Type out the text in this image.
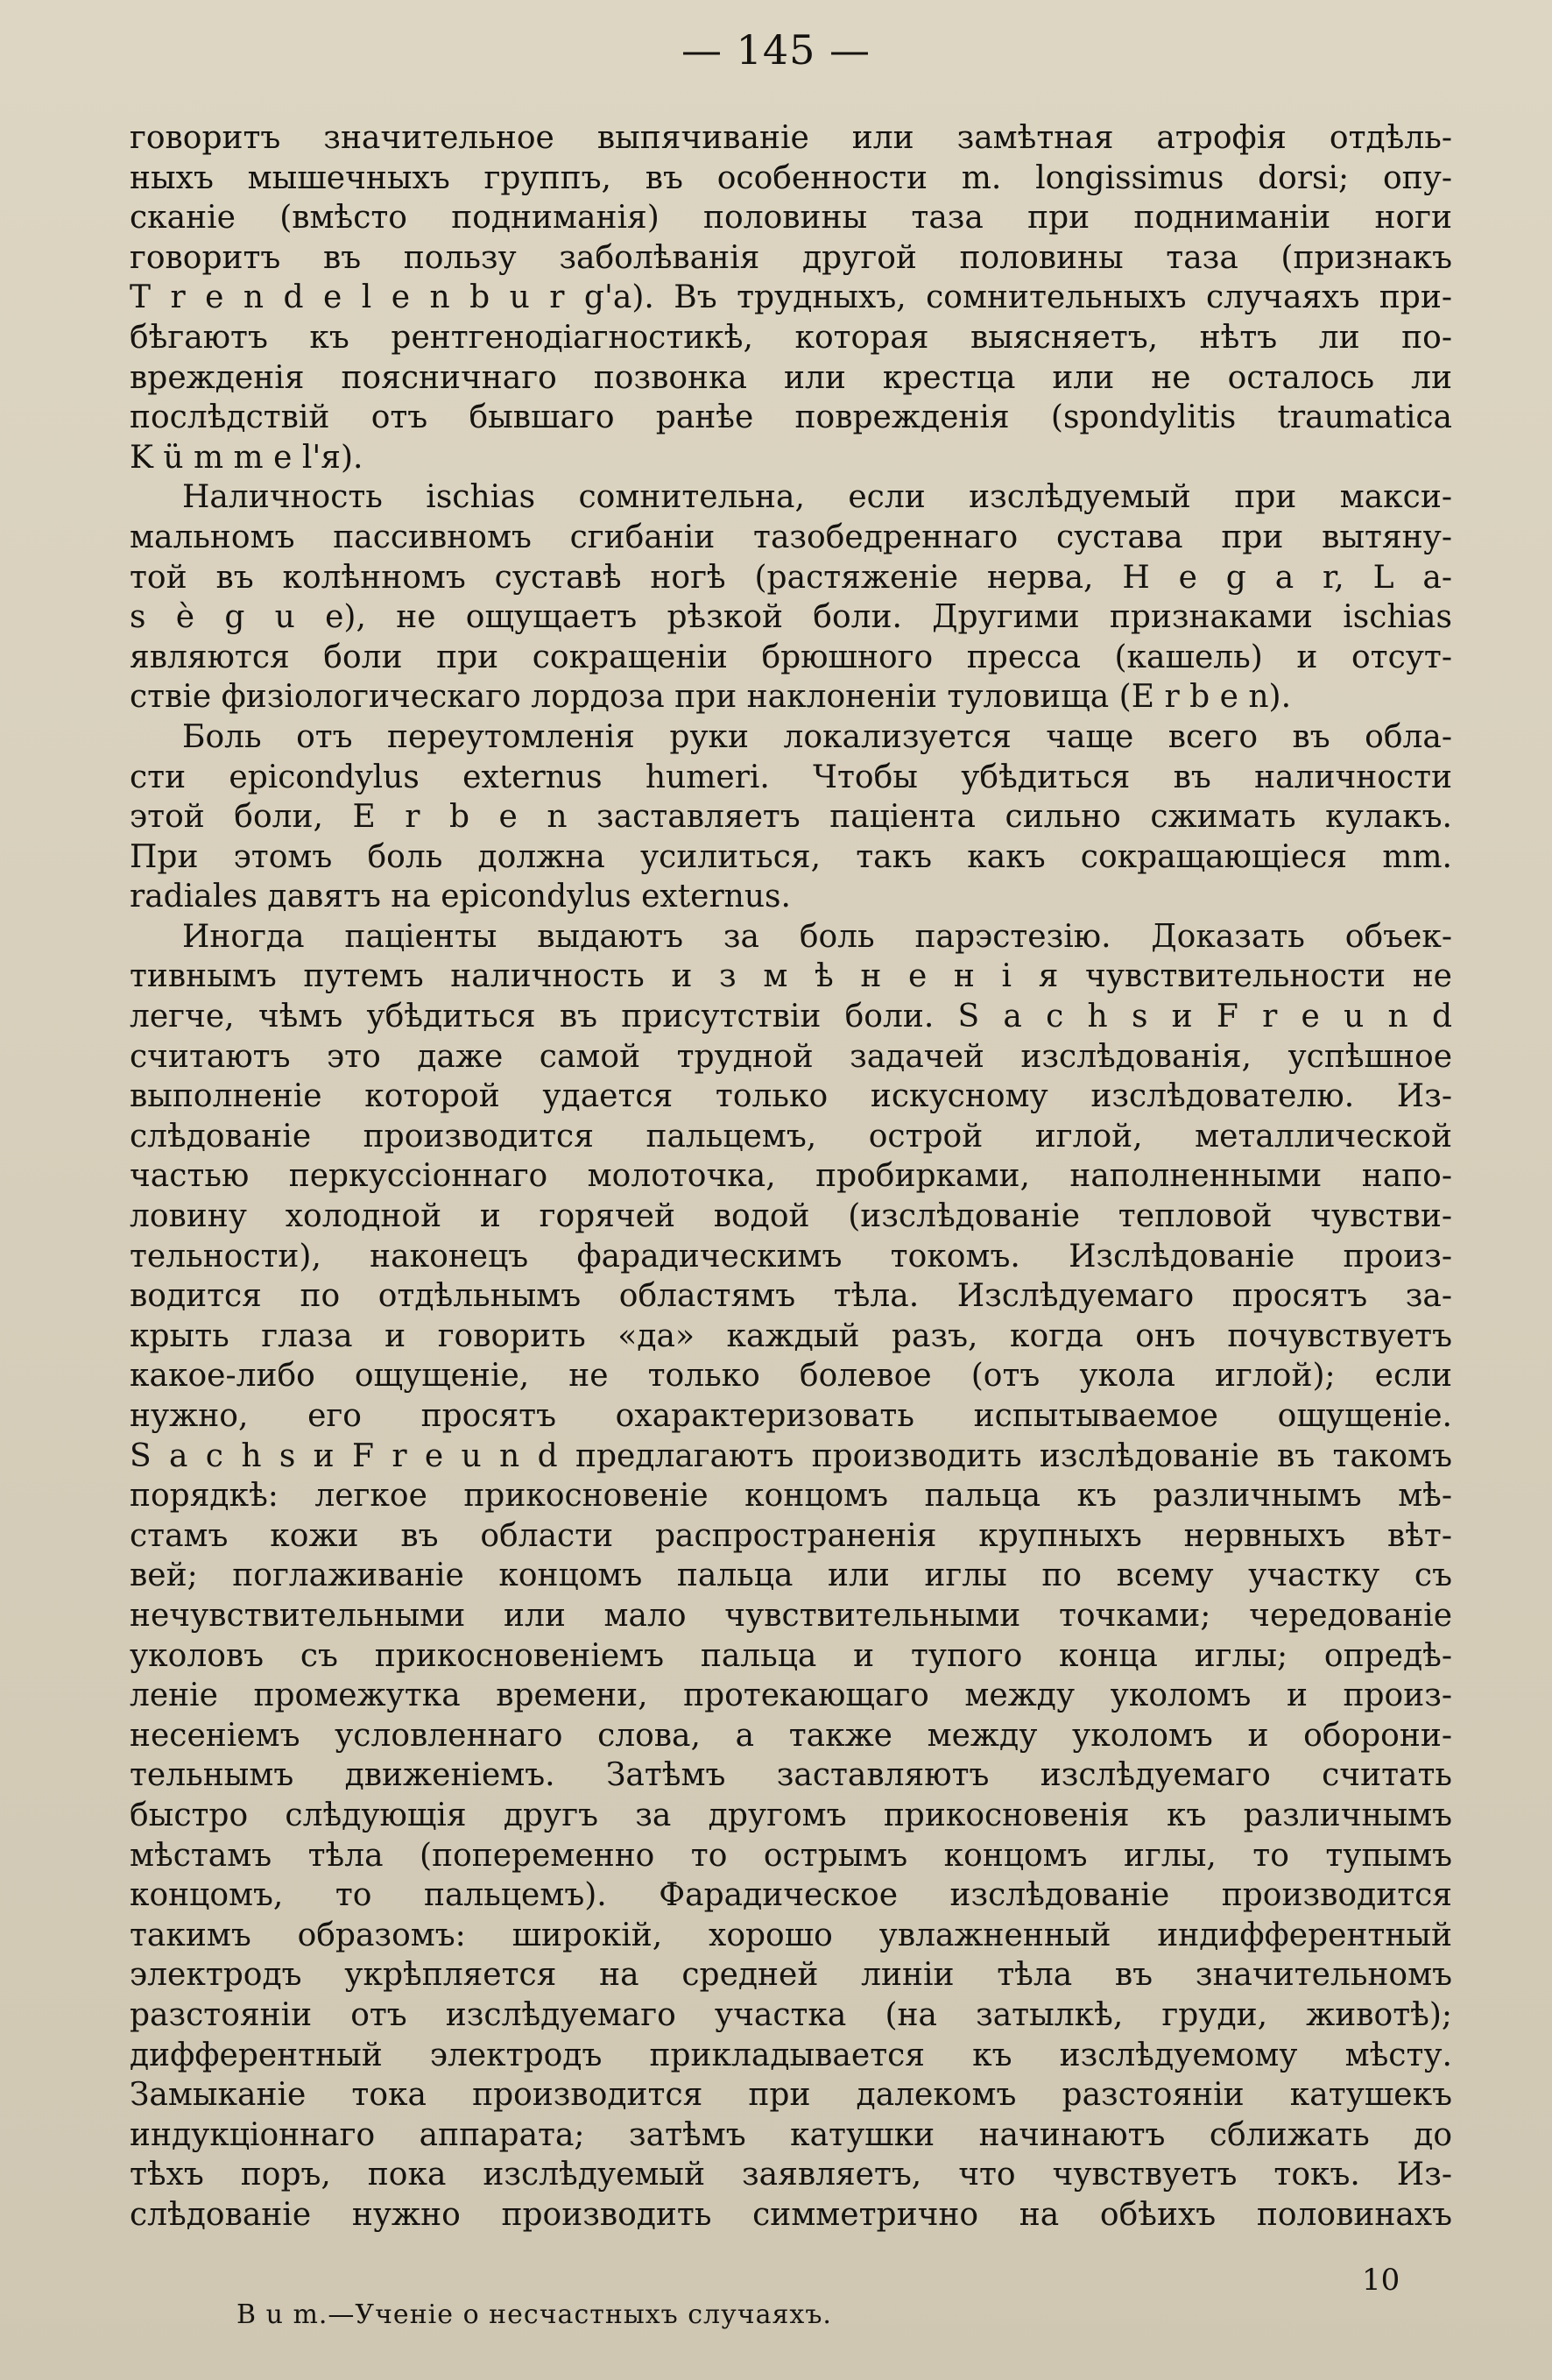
— 145 —
говоритъ значительное выпячиваніе или замѣтная атрофія отдѣль-
ныхъ мышечныхъ группъ, въ особенности m. longissimus dorsi; опу-
сканіе (вмѣсто подниманія) половины таза при подниманіи ноги
говоритъ въ пользу заболѣванія другой половины таза (признакъ
T r e n d e l e n b u r g'a). Въ трудныхъ, сомнительныхъ случаяхъ при-
бѣгаютъ къ рентгенодіагностикѣ, которая выясняетъ, нѣтъ ли по-
врежденія поясничнаго позвонка или крестца или не осталось ли
послѣдствій отъ бывшаго ранѣе поврежденія (spondylitis traumatica
K ü m m e l'я).
Наличность ischias сомнительна, если изслѣдуемый при макси-
мальномъ пассивномъ сгибаніи тазобедреннаго сустава при вытяну-
той въ колѣнномъ суставѣ ногѣ (растяженіе нерва, H e g a r, L a-
s è g u e), не ощущаетъ рѣзкой боли. Другими признаками ischias
являются боли при сокращеніи брюшного пресса (кашель) и отсут-
ствіе физіологическаго лордоза при наклоненіи туловища (E r b e n).
Боль отъ переутомленія руки локализуется чаще всего въ обла-
сти epicondylus externus humeri. Чтобы убѣдиться въ наличности
этой боли, E r b e n заставляетъ паціента сильно сжимать кулакъ.
При этомъ боль должна усилиться, такъ какъ сокращающіеся mm.
radiales давятъ на epicondylus externus.
Иногда паціенты выдаютъ за боль парэстезію. Доказать объек-
тивнымъ путемъ наличность и з м ѣ н е н і я чувствительности не
легче, чѣмъ убѣдиться въ присутствіи боли. S a c h s и F r e u n d
считаютъ это даже самой трудной задачей изслѣдованія, успѣшное
выполненіе которой удается только искусному изслѣдователю. Из-
слѣдованіе производится пальцемъ, острой иглой, металлической
частью перкуссіоннаго молоточка, пробирками, наполненными напо-
ловину холодной и горячей водой (изслѣдованіе тепловой чувстви-
тельности), наконецъ фарадическимъ токомъ. Изслѣдованіе произ-
водится по отдѣльнымъ областямъ тѣла. Изслѣдуемаго просятъ за-
крыть глаза и говорить «да» каждый разъ, когда онъ почувствуетъ
какое-либо ощущеніе, не только болевое (отъ укола иглой); если
нужно, его просятъ охарактеризовать испытываемое ощущеніе.
S a c h s и F r e u n d предлагаютъ производить изслѣдованіе въ такомъ
порядкѣ: легкое прикосновеніе концомъ пальца къ различнымъ мѣ-
стамъ кожи въ области распространенія крупныхъ нервныхъ вѣт-
вей; поглаживаніе концомъ пальца или иглы по всему участку съ
нечувствительными или мало чувствительными точками; чередованіе
уколовъ съ прикосновеніемъ пальца и тупого конца иглы; опредѣ-
леніе промежутка времени, протекающаго между уколомъ и произ-
несеніемъ условленнаго слова, а также между уколомъ и оборони-
тельнымъ движеніемъ. Затѣмъ заставляютъ изслѣдуемаго считать
быстро слѣдующія другъ за другомъ прикосновенія къ различнымъ
мѣстамъ тѣла (попеременно то острымъ концомъ иглы, то тупымъ
концомъ, то пальцемъ). Фарадическое изслѣдованіе производится
такимъ образомъ: широкій, хорошо увлажненный индифферентный
электродъ укрѣпляется на средней линіи тѣла въ значительномъ
разстояніи отъ изслѣдуемаго участка (на затылкѣ, груди, животѣ);
дифферентный электродъ прикладывается къ изслѣдуемому мѣсту.
Замыканіе тока производится при далекомъ разстояніи катушекъ
индукціоннаго аппарата; затѣмъ катушки начинаютъ сближать до
тѣхъ поръ, пока изслѣдуемый заявляетъ, что чувствуетъ токъ. Из-
слѣдованіе нужно производить симметрично на обѣихъ половинахъ
B u m.—Ученіе о несчастныхъ случаяхъ.
10
